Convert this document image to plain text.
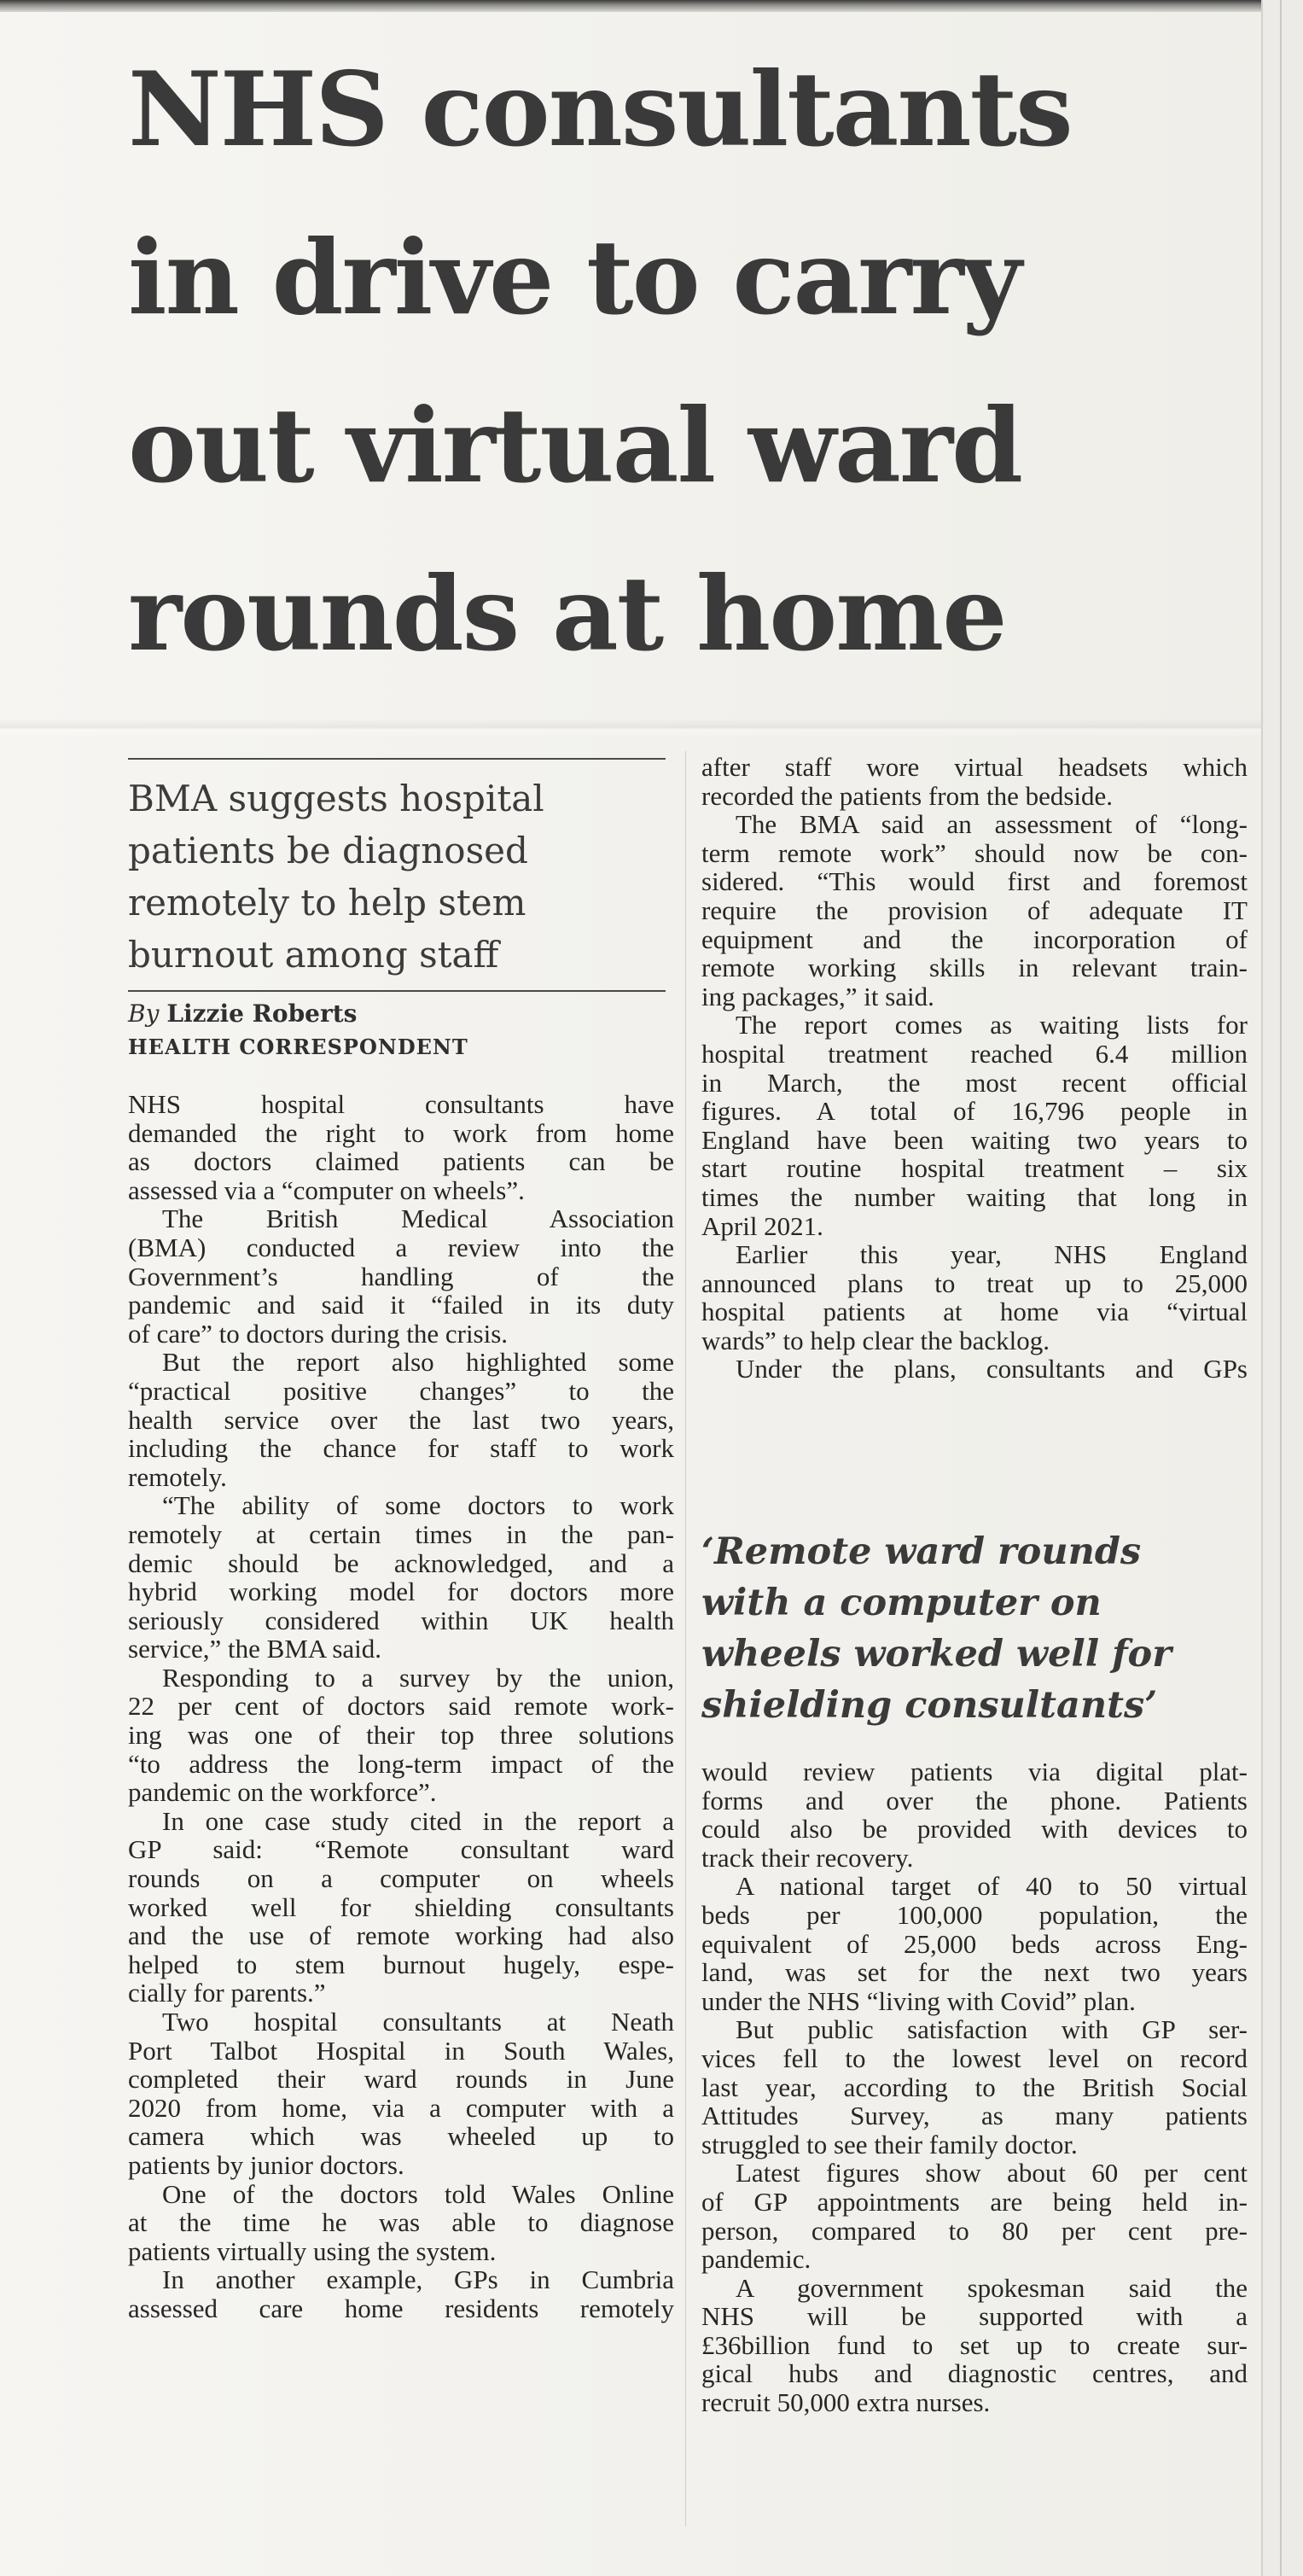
NHS consultants
in drive to carry
out virtual ward
rounds at home
BMA suggests hospital
patients be diagnosed
remotely to help stem
burnout among staff
By Lizzie Roberts
HEALTH CORRESPONDENT
NHS hospital consultants have
demanded the right to work from home
as doctors claimed patients can be
assessed via a “computer on wheels”.
The British Medical Association
(BMA) conducted a review into the
Government’s handling of the
pandemic and said it “failed in its duty
of care” to doctors during the crisis.
But the report also highlighted some
“practical positive changes” to the
health service over the last two years,
including the chance for staff to work
remotely.
“The ability of some doctors to work
remotely at certain times in the pan-
demic should be acknowledged, and a
hybrid working model for doctors more
seriously considered within UK health
service,” the BMA said.
Responding to a survey by the union,
22 per cent of doctors said remote work-
ing was one of their top three solutions
“to address the long-term impact of the
pandemic on the workforce”.
In one case study cited in the report a
GP said: “Remote consultant ward
rounds on a computer on wheels
worked well for shielding consultants
and the use of remote working had also
helped to stem burnout hugely, espe-
cially for parents.”
Two hospital consultants at Neath
Port Talbot Hospital in South Wales,
completed their ward rounds in June
2020 from home, via a computer with a
camera which was wheeled up to
patients by junior doctors.
One of the doctors told Wales Online
at the time he was able to diagnose
patients virtually using the system.
In another example, GPs in Cumbria
assessed care home residents remotely
after staff wore virtual headsets which
recorded the patients from the bedside.
The BMA said an assessment of “long-
term remote work” should now be con-
sidered. “This would first and foremost
require the provision of adequate IT
equipment and the incorporation of
remote working skills in relevant train-
ing packages,” it said.
The report comes as waiting lists for
hospital treatment reached 6.4 million
in March, the most recent official
figures. A total of 16,796 people in
England have been waiting two years to
start routine hospital treatment – six
times the number waiting that long in
April 2021.
Earlier this year, NHS England
announced plans to treat up to 25,000
hospital patients at home via “virtual
wards” to help clear the backlog.
Under the plans, consultants and GPs
‘Remote ward rounds
with a computer on
wheels worked well for
shielding consultants’
would review patients via digital plat-
forms and over the phone. Patients
could also be provided with devices to
track their recovery.
A national target of 40 to 50 virtual
beds per 100,000 population, the
equivalent of 25,000 beds across Eng-
land, was set for the next two years
under the NHS “living with Covid” plan.
But public satisfaction with GP ser-
vices fell to the lowest level on record
last year, according to the British Social
Attitudes Survey, as many patients
struggled to see their family doctor.
Latest figures show about 60 per cent
of GP appointments are being held in-
person, compared to 80 per cent pre-
pandemic.
A government spokesman said the
NHS will be supported with a
£36billion fund to set up to create sur-
gical hubs and diagnostic centres, and
recruit 50,000 extra nurses.
